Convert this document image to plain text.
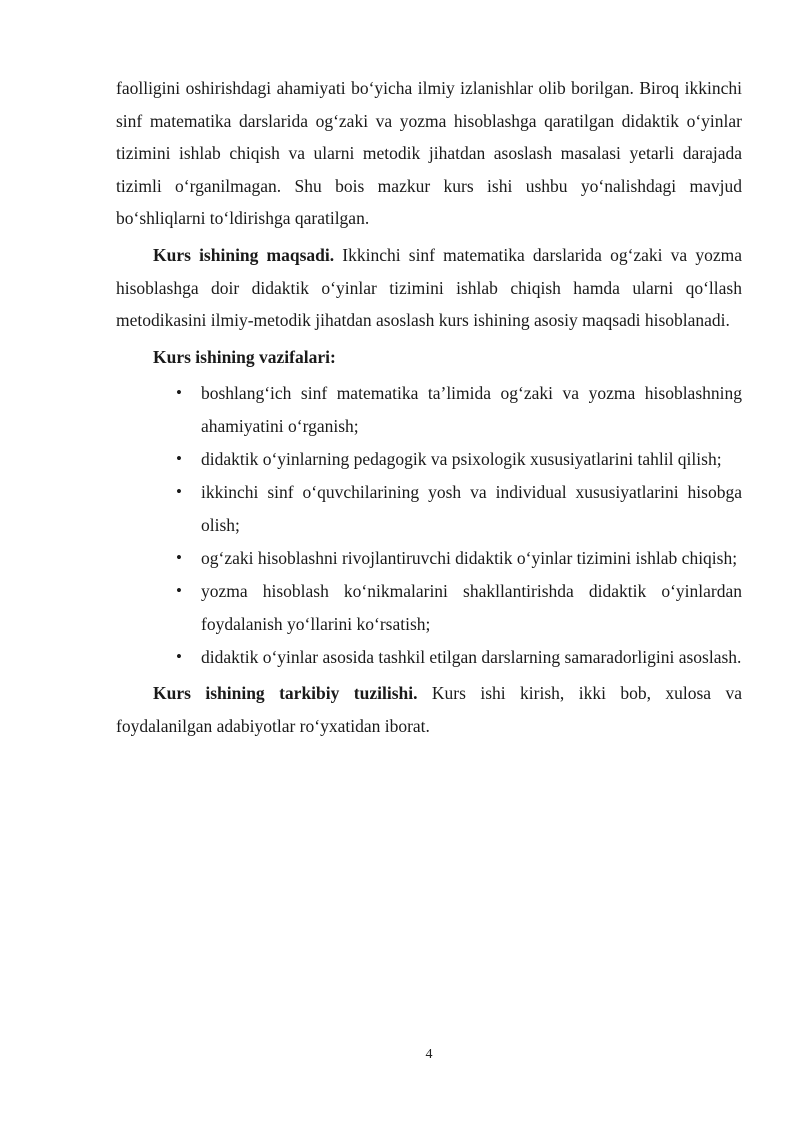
faolligini oshirishdagi ahamiyati bo‘yicha ilmiy izlanishlar olib borilgan. Biroq ikkinchi sinf matematika darslarida og‘zaki va yozma hisoblashga qaratilgan didaktik o‘yinlar tizimini ishlab chiqish va ularni metodik jihatdan asoslash masalasi yetarli darajada tizimli o‘rganilmagan. Shu bois mazkur kurs ishi ushbu yo‘nalishdagi mavjud bo‘shliqlarni to‘ldirishga qaratilgan.

Kurs ishining maqsadi. Ikkinchi sinf matematika darslarida og‘zaki va yozma hisoblashga doir didaktik o‘yinlar tizimini ishlab chiqish hamda ularni qo‘llash metodikasini ilmiy-metodik jihatdan asoslash kurs ishining asosiy maqsadi hisoblanadi.

Kurs ishining vazifalari:

• boshlang‘ich sinf matematika ta’limida og‘zaki va yozma hisoblashning ahamiyatini o‘rganish;
• didaktik o‘yinlarning pedagogik va psixologik xususiyatlarini tahlil qilish;
• ikkinchi sinf o‘quvchilarining yosh va individual xususiyatlarini hisobga olish;
• og‘zaki hisoblashni rivojlantiruvchi didaktik o‘yinlar tizimini ishlab chiqish;
• yozma hisoblash ko‘nikmalarini shakllantirishda didaktik o‘yinlardan foydalanish yo‘llarini ko‘rsatish;
• didaktik o‘yinlar asosida tashkil etilgan darslarning samaradorligini asoslash.

Kurs ishining tarkibiy tuzilishi. Kurs ishi kirish, ikki bob, xulosa va foydalanilgan adabiyotlar ro‘yxatidan iborat.

4
